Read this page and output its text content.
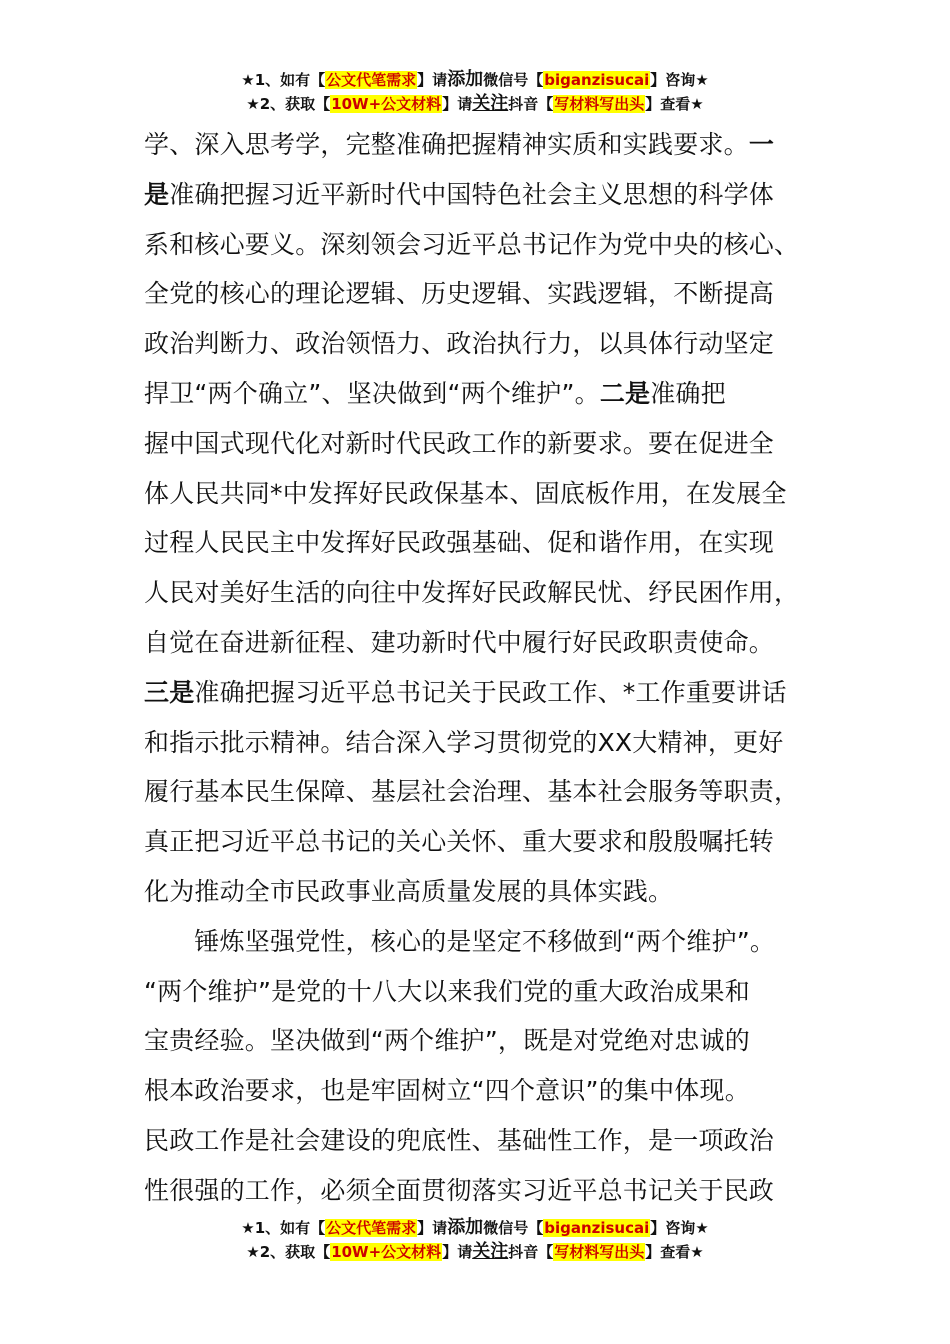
★1、如有【公文代笔需求】请添加微信号【biganzisucai】咨询★
★2、获取【10W+公文材料】请关注抖音【写材料写出头】查看★
学、深入思考学，完整准确把握精神实质和实践要求。一
是准确把握习近平新时代中国特色社会主义思想的科学体
系和核心要义。深刻领会习近平总书记作为党中央的核心、
全党的核心的理论逻辑、历史逻辑、实践逻辑，不断提高
政治判断力、政治领悟力、政治执行力，以具体行动坚定
捍卫“两个确立”、坚决做到“两个维护”。二是准确把
握中国式现代化对新时代民政工作的新要求。要在促进全
体人民共同*中发挥好民政保基本、固底板作用，在发展全
过程人民民主中发挥好民政强基础、促和谐作用，在实现
人民对美好生活的向往中发挥好民政解民忧、纾民困作用，
自觉在奋进新征程、建功新时代中履行好民政职责使命。
三是准确把握习近平总书记关于民政工作、*工作重要讲话
和指示批示精神。结合深入学习贯彻党的XX大精神，更好
履行基本民生保障、基层社会治理、基本社会服务等职责，
真正把习近平总书记的关心关怀、重大要求和殷殷嘱托转
化为推动全市民政事业高质量发展的具体实践。
　　锤炼坚强党性，核心的是坚定不移做到“两个维护”。
“两个维护”是党的十八大以来我们党的重大政治成果和
宝贵经验。坚决做到“两个维护”，既是对党绝对忠诚的
根本政治要求，也是牢固树立“四个意识”的集中体现。
民政工作是社会建设的兜底性、基础性工作，是一项政治
性很强的工作，必须全面贯彻落实习近平总书记关于民政
★1、如有【公文代笔需求】请添加微信号【biganzisucai】咨询★
★2、获取【10W+公文材料】请关注抖音【写材料写出头】查看★
